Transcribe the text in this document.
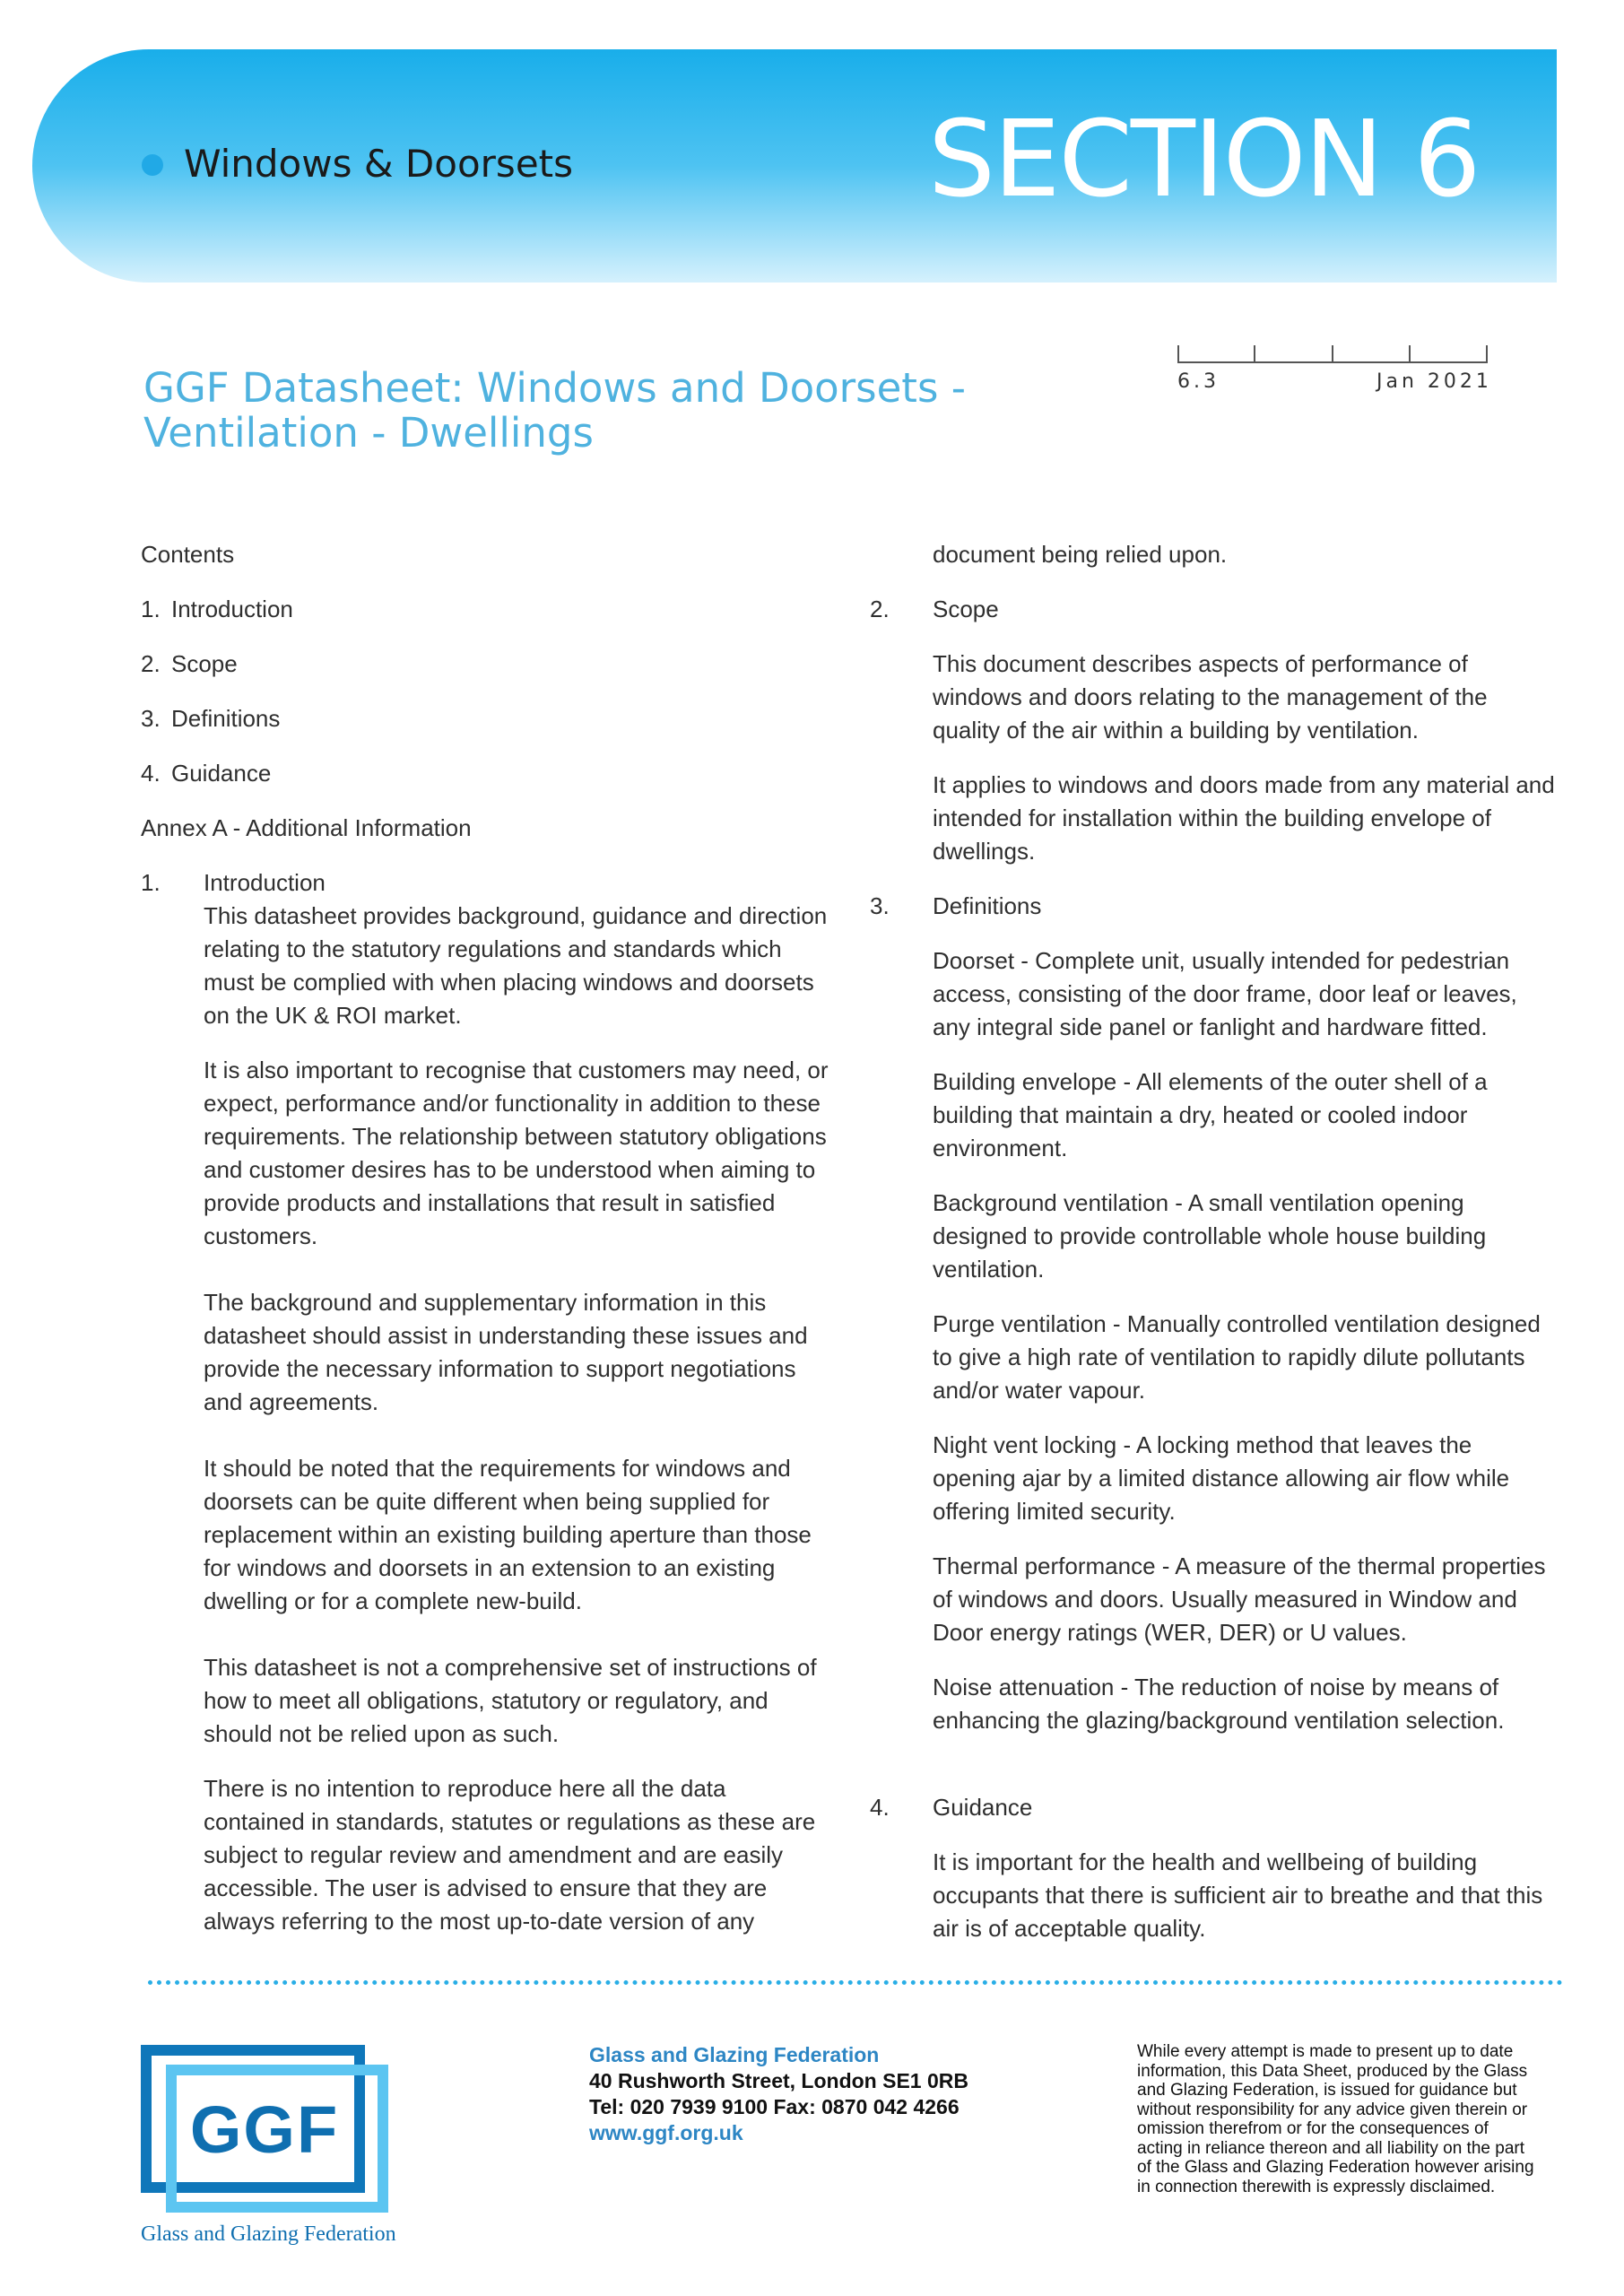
Windows & Doorsets	SECTION 6
GGF Datasheet: Windows and Doorsets -
Ventilation - Dwellings
6.3	Jan 2021

Contents

1. Introduction
2. Scope
3. Definitions
4. Guidance
Annex A - Additional Information
1. Introduction

This datasheet provides background, guidance and direction relating to the statutory regulations and standards which must be complied with when placing windows and doorsets on the UK & ROI market.

It is also important to recognise that customers may need, or expect, performance and/or functionality in addition to these requirements. The relationship between statutory obligations and customer desires has to be understood when aiming to provide products and installations that result in satisfied customers.

The background and supplementary information in this datasheet should assist in understanding these issues and provide the necessary information to support negotiations and agreements.

It should be noted that the requirements for windows and doorsets can be quite different when being supplied for replacement within an existing building aperture than those for windows and doorsets in an extension to an existing dwelling or for a complete new-build.

This datasheet is not a comprehensive set of instructions of how to meet all obligations, statutory or regulatory, and should not be relied upon as such.

There is no intention to reproduce here all the data contained in standards, statutes or regulations as these are subject to regular review and amendment and are easily accessible. The user is advised to ensure that they are always referring to the most up-to-date version of any

document being relied upon.

2. Scope

This document describes aspects of performance of windows and doors relating to the management of the quality of the air within a building by ventilation.

It applies to windows and doors made from any material and intended for installation within the building envelope of dwellings.

3. Definitions

Doorset - Complete unit, usually intended for pedestrian access, consisting of the door frame, door leaf or leaves, any integral side panel or fanlight and hardware fitted.

Building envelope - All elements of the outer shell of a building that maintain a dry, heated or cooled indoor environment.

Background ventilation - A small ventilation opening designed to provide controllable whole house building ventilation.

Purge ventilation - Manually controlled ventilation designed to give a high rate of ventilation to rapidly dilute pollutants and/or water vapour.

Night vent locking - A locking method that leaves the opening ajar by a limited distance allowing air flow while offering limited security.

Thermal performance - A measure of the thermal properties of windows and doors. Usually measured in Window and Door energy ratings (WER, DER) or U values.

Noise attenuation - The reduction of noise by means of enhancing the glazing/background ventilation selection.

4. Guidance

It is important for the health and wellbeing of building occupants that there is sufficient air to breathe and that this air is of acceptable quality.

GGF
Glass and Glazing Federation
Glass and Glazing Federation
40 Rushworth Street, London SE1 0RB
Tel: 020 7939 9100 Fax: 0870 042 4266
www.ggf.org.uk
While every attempt is made to present up to date information, this Data Sheet, produced by the Glass and Glazing Federation, is issued for guidance but without responsibility for any advice given therein or omission therefrom or for the consequences of acting in reliance thereon and all liability on the part of the Glass and Glazing Federation however arising in connection therewith is expressly disclaimed.
